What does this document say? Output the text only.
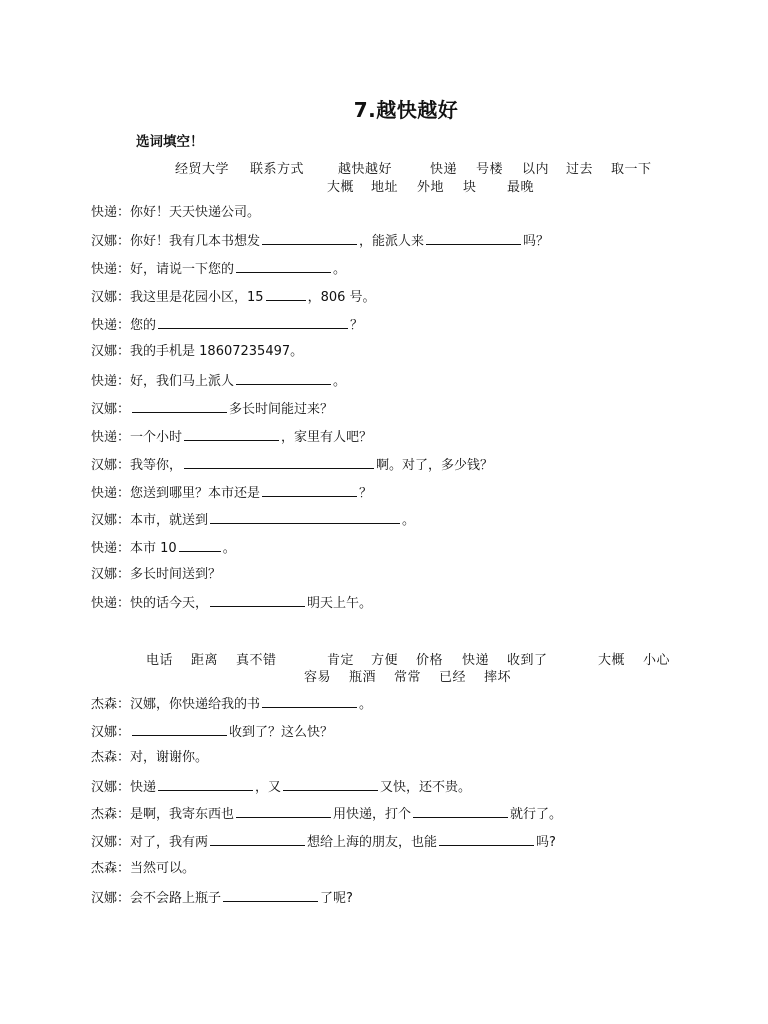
7.越快越好
选词填空！
经贸大学 联系方式	越快越好	快递 号楼 以内 过去 取一下
大概 地址 外地 块 最晚
快递：你好！天天快递公司。
汉娜：你好！我有几本书想发	，能派人来	吗？
快递：好，请说一下您的	。
汉娜：我这里是花园小区，15	，806 号。
快递：您的	？
汉娜：我的手机是 18607235497。
快递：好，我们马上派人	。
汉娜：	多长时间能过来？
快递：一个小时	，家里有人吧？
汉娜：我等你，	啊。对了，多少钱？
快递：您送到哪里？本市还是	？
汉娜：本市，就送到	。
快递：本市 10	。
汉娜：多长时间送到？
快递：快的话今天，	明天上午。
电话 距离 真不错	肯定 方便 价格 快递 收到了	大概 小心
容易 瓶酒 常常 已经 摔坏
杰森：汉娜，你快递给我的书	。
汉娜：	收到了？这么快？
杰森：对，谢谢你。
汉娜：快递	，又	又快，还不贵。
杰森：是啊，我寄东西也	用快递，打个	就行了。
汉娜：对了，我有两	想给上海的朋友，也能	吗?
杰森：当然可以。
汉娜：会不会路上瓶子	了呢?
